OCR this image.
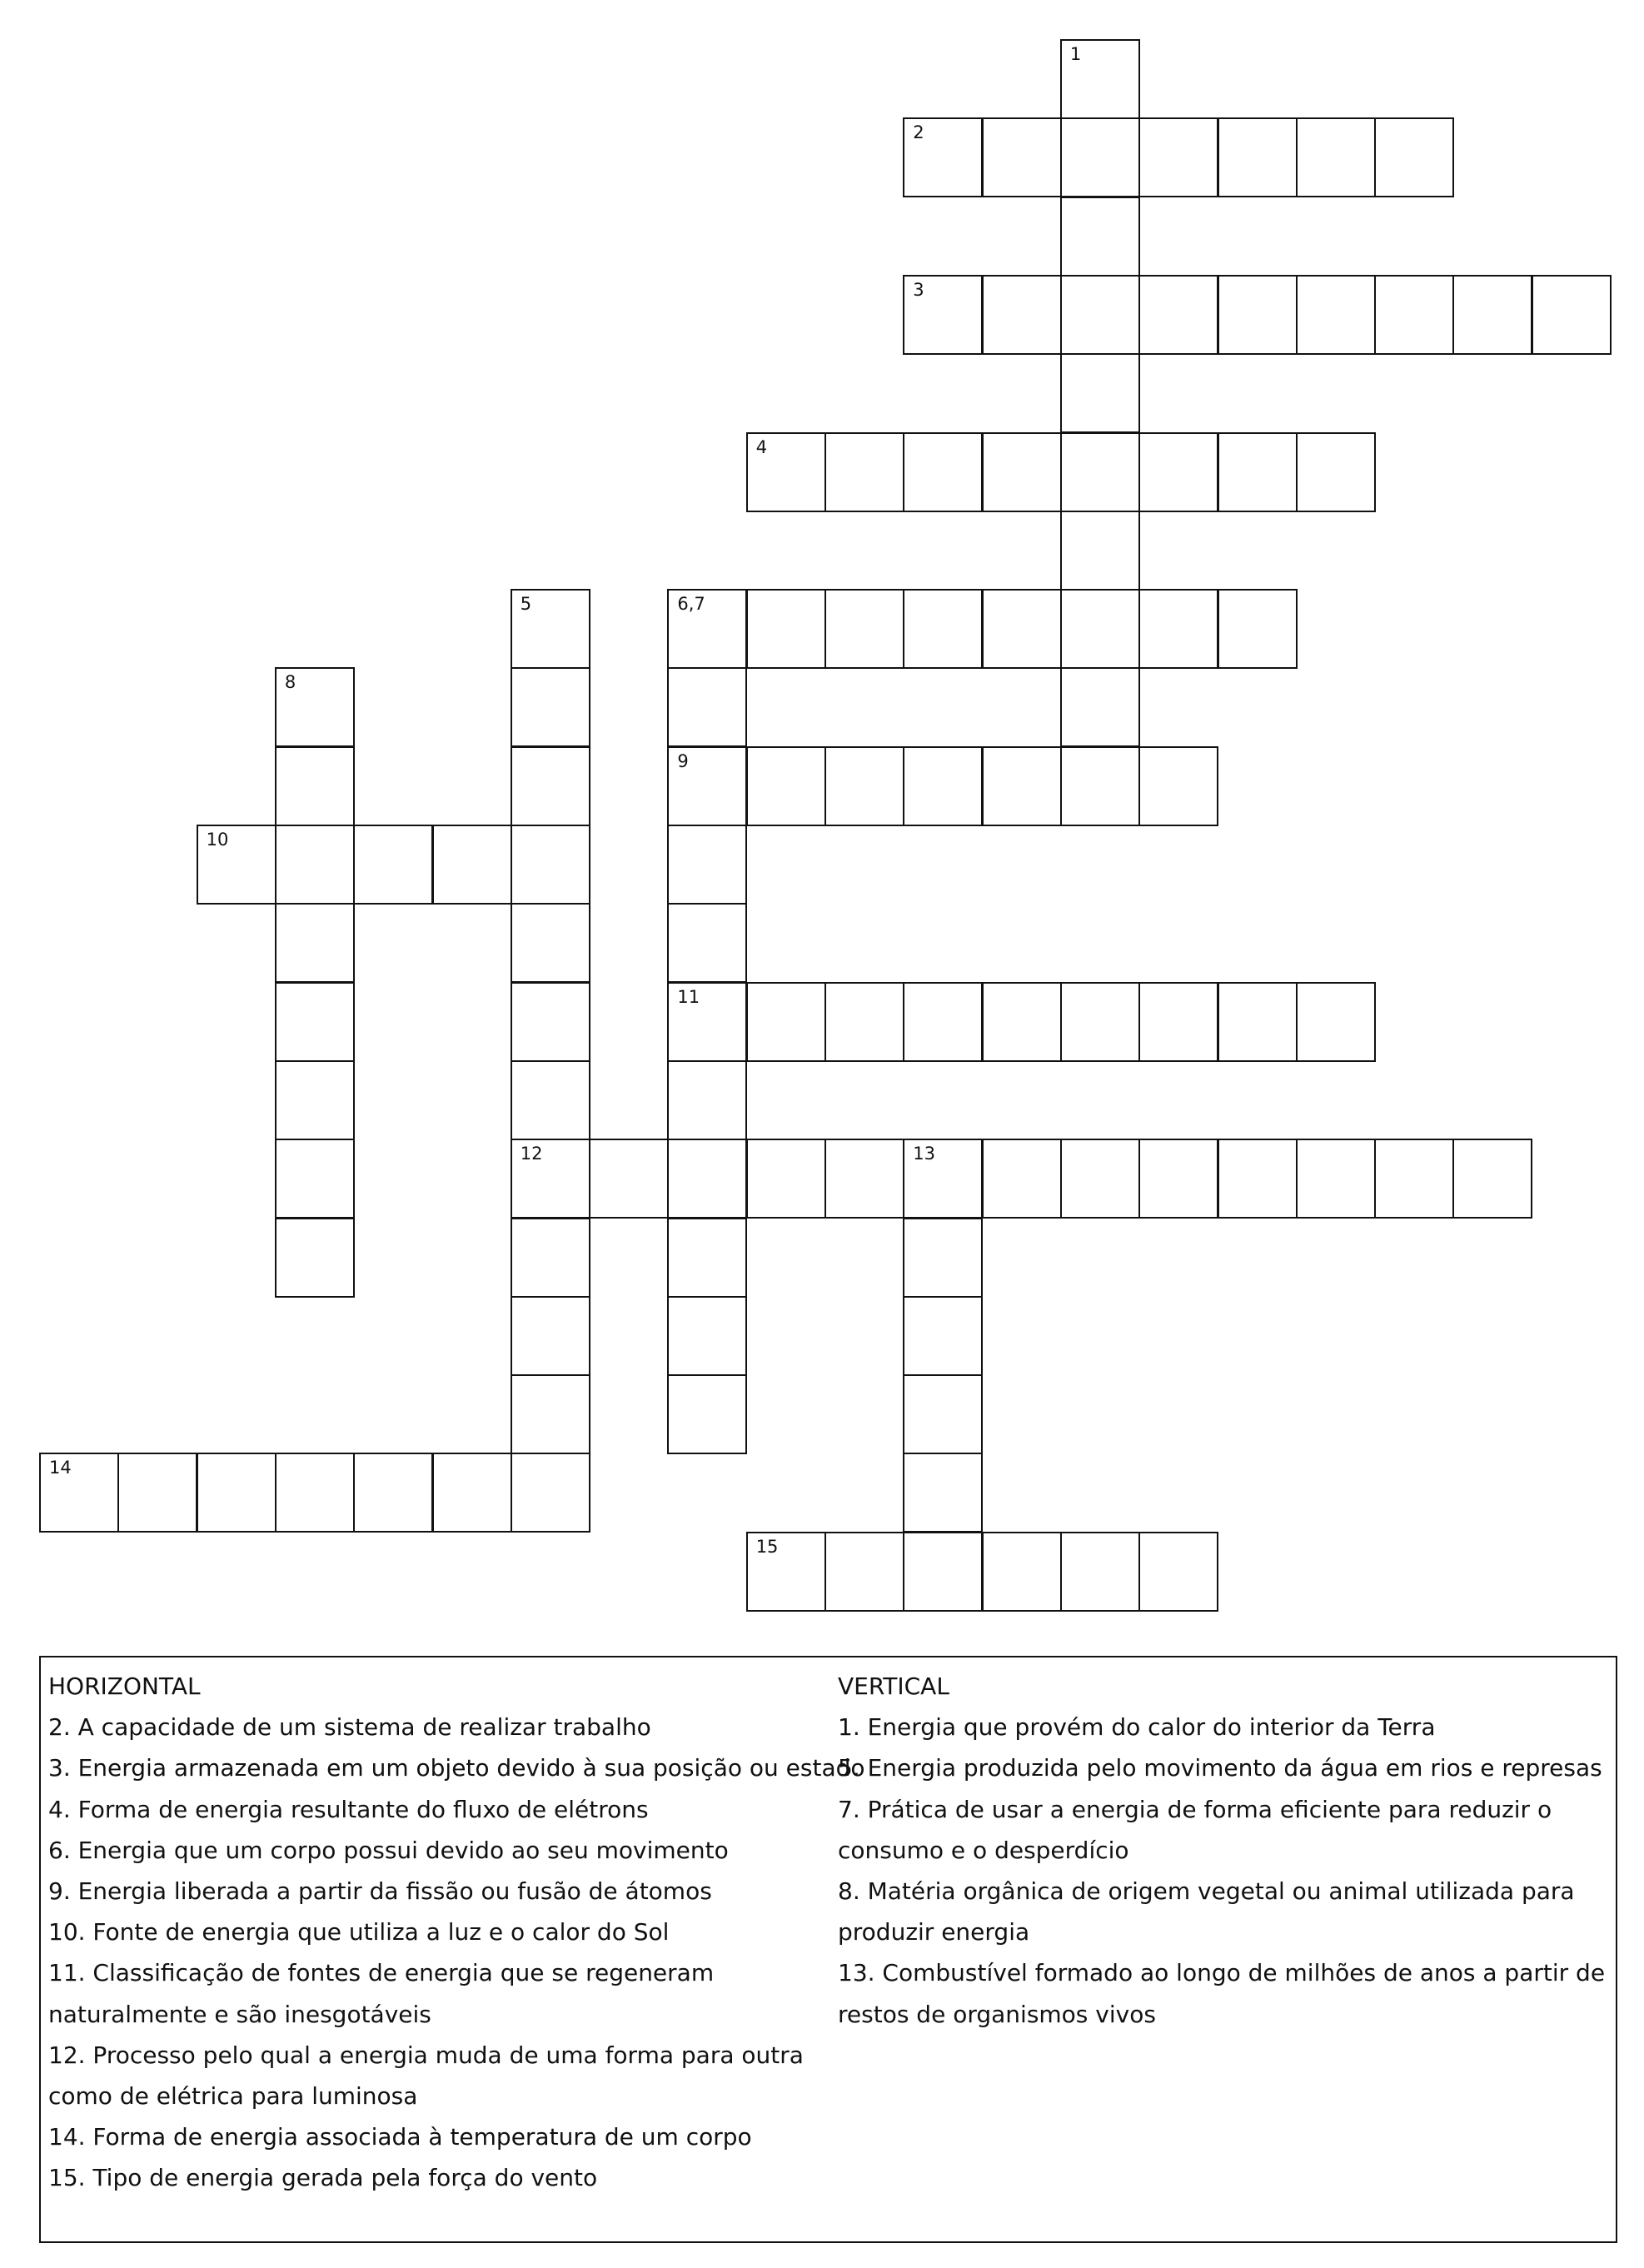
1
2
3
4
5	6,7
8
9
10
11
12	13
14
15
HORIZONTAL
2. A capacidade de um sistema de realizar trabalho
3. Energia armazenada em um objeto devido à sua posição ou estado
4. Forma de energia resultante do fluxo de elétrons
6. Energia que um corpo possui devido ao seu movimento
9. Energia liberada a partir da fissão ou fusão de átomos
10. Fonte de energia que utiliza a luz e o calor do Sol
11. Classificação de fontes de energia que se regeneram
naturalmente e são inesgotáveis
12. Processo pelo qual a energia muda de uma forma para outra
como de elétrica para luminosa
14. Forma de energia associada à temperatura de um corpo
15. Tipo de energia gerada pela força do vento
VERTICAL
1. Energia que provém do calor do interior da Terra
5. Energia produzida pelo movimento da água em rios e represas
7. Prática de usar a energia de forma eficiente para reduzir o
consumo e o desperdício
8. Matéria orgânica de origem vegetal ou animal utilizada para
produzir energia
13. Combustível formado ao longo de milhões de anos a partir de
restos de organismos vivos
